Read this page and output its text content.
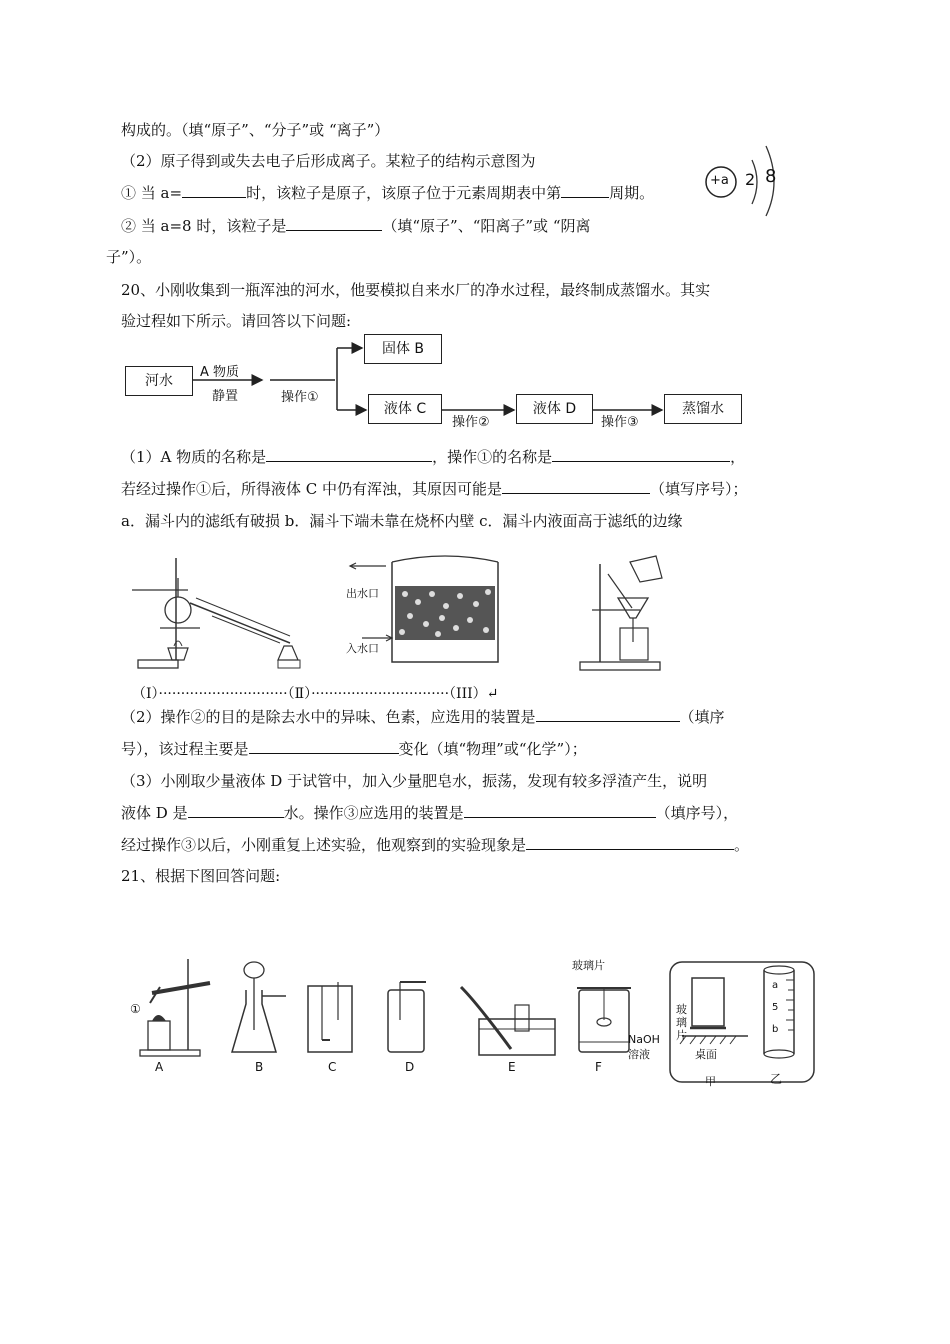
构成的。（填“原子”、“分子”或 “离子”）
（2）原子得到或失去电子后形成离子。某粒子的结构示意图为
① 当 a=	时，该粒子是原子，该原子位于元素周期表中第	周期。
② 当 a=8 时，该粒子是	（填“原子”、“阳离子”或 “阴离
子”）。
+a 2 8
20、小刚收集到一瓶浑浊的河水，他要模拟自来水厂的净水过程，最终制成蒸馏水。其实
验过程如下所示。请回答以下问题:
河水
A 物质
静置	操作①
固体 B
液体 C
操作②
液体 D
操作③
蒸馏水
（1）A 物质的名称是	，操作①的名称是	，
若经过操作①后，所得液体 C 中仍有浑浊，其原因可能是	（填写序号）；
a．漏斗内的滤纸有破损 b．漏斗下端未靠在烧杯内壁 c．漏斗内液面高于滤纸的边缘
出水口
入水口
（Ⅰ）·····························（Ⅱ）·······························（III）↵
（2）操作②的目的是除去水中的异味、色素，应选用的装置是	（填序
号），该过程主要是	变化（填“物理”或“化学”）；
（3）小刚取少量液体 D 于试管中，加入少量肥皂水，振荡，发现有较多浮渣产生，说明
液体 D 是	水。操作③应选用的装置是	（填序号），
经过操作③以后，小刚重复上述实验，他观察到的实验现象是	。
21、根据下图回答问题:
①
A	B	C	D	E
玻璃片
NaOH
溶液
F
玻
璃
片
桌面
甲	乙
a
5
b
